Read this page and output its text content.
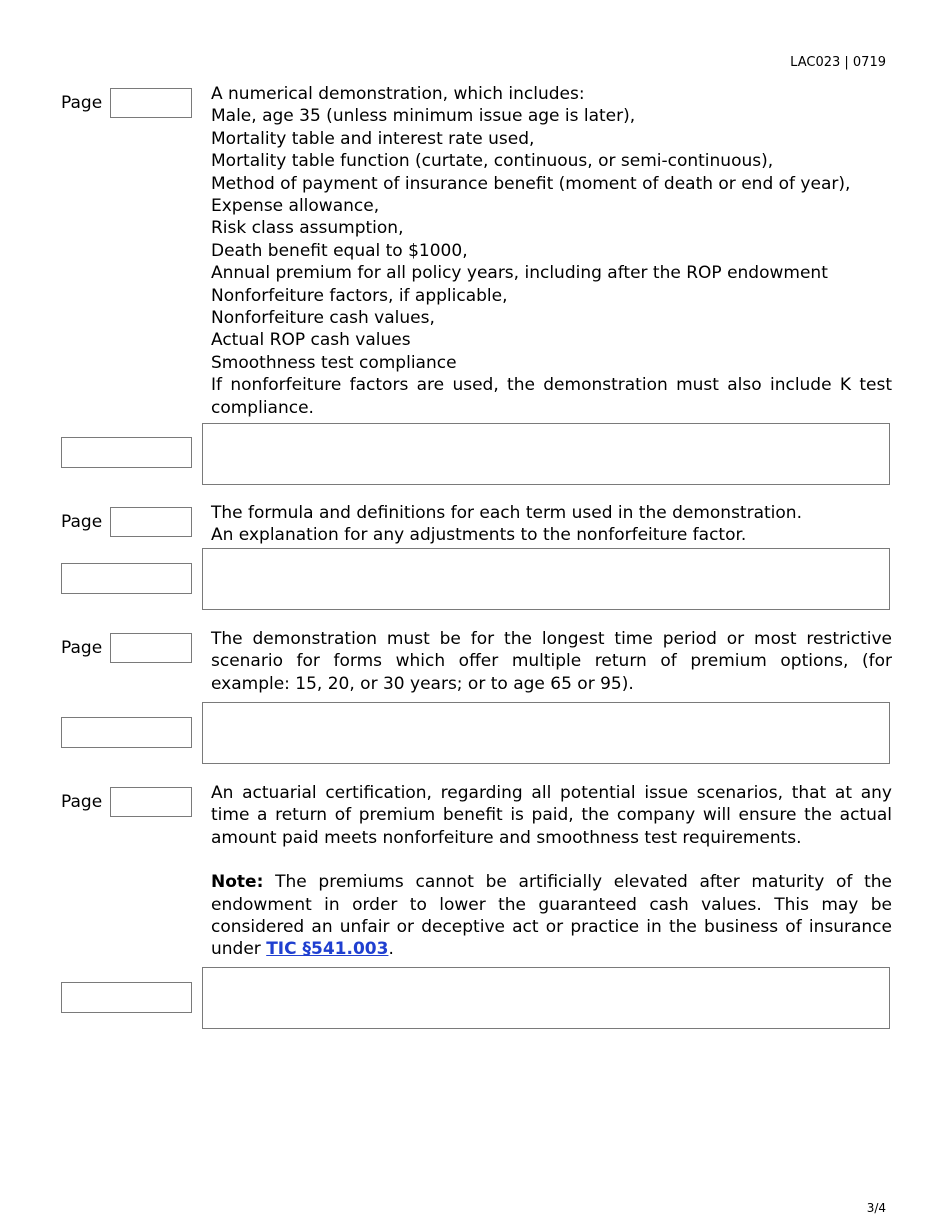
LAC023 | 0719
Page	A numerical demonstration, which includes:
Male, age 35 (unless minimum issue age is later),
Mortality table and interest rate used,
Mortality table function (curtate, continuous, or semi-continuous),
Method of payment of insurance benefit (moment of death or end of year),
Expense allowance,
Risk class assumption,
Death benefit equal to $1000,
Annual premium for all policy years, including after the ROP endowment
Nonforfeiture factors, if applicable,
Nonforfeiture cash values,
Actual ROP cash values
Smoothness test compliance
If nonforfeiture factors are used, the demonstration must also include K test compliance.
Page	The formula and definitions for each term used in the demonstration.
An explanation for any adjustments to the nonforfeiture factor.
Page	The demonstration must be for the longest time period or most restrictive scenario for forms which offer multiple return of premium options, (for example: 15, 20, or 30 years; or to age 65 or 95).
Page	An actuarial certification, regarding all potential issue scenarios, that at any time a return of premium benefit is paid, the company will ensure the actual amount paid meets nonforfeiture and smoothness test requirements.
Note: The premiums cannot be artificially elevated after maturity of the endowment in order to lower the guaranteed cash values. This may be considered an unfair or deceptive act or practice in the business of insurance under TIC §541.003.
3/4
